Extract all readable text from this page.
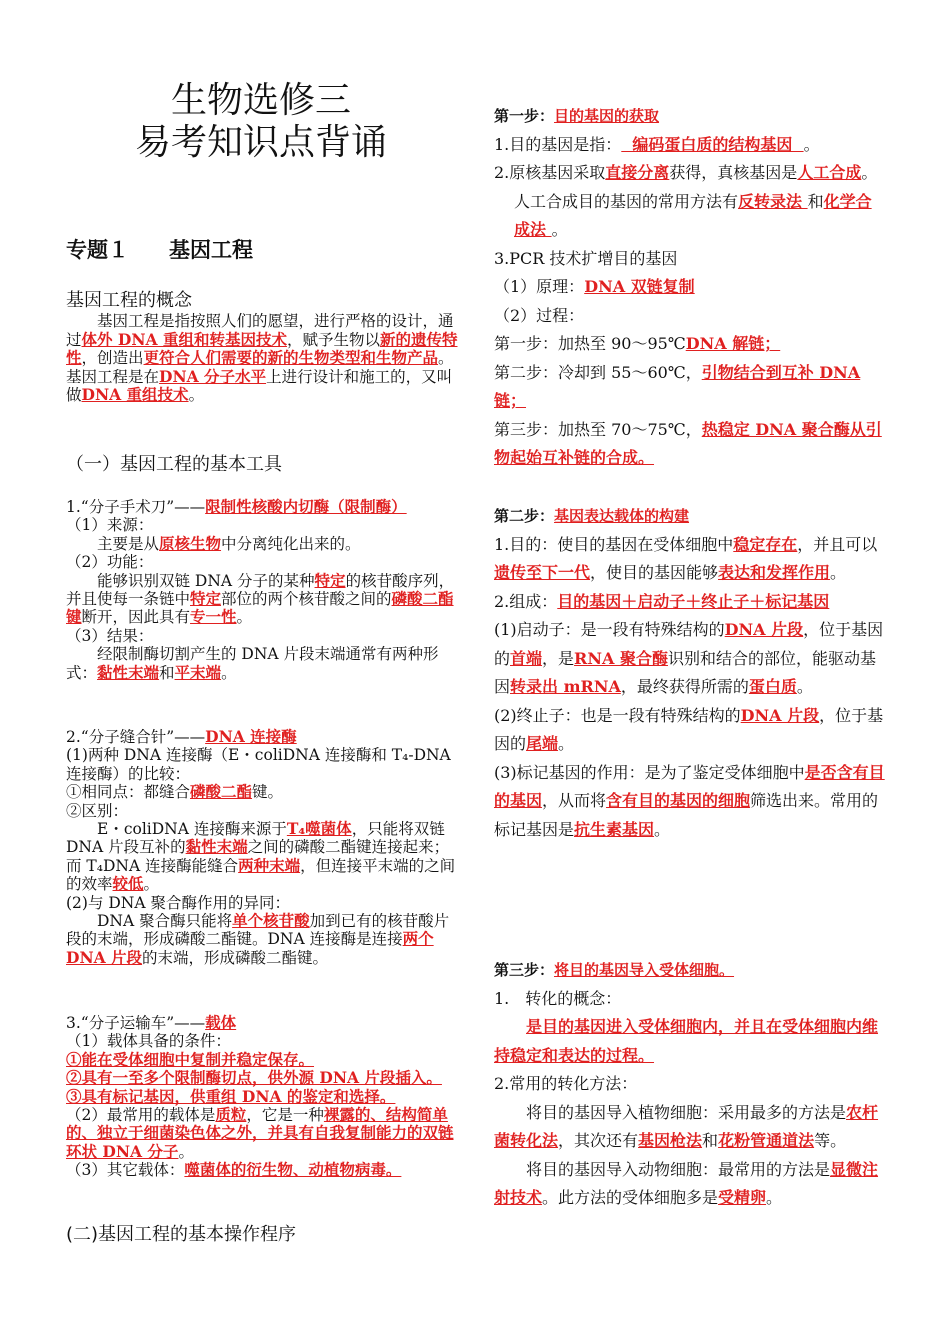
生物选修三
易考知识点背诵
专题１ 基因工程

基因工程的概念

基因工程是指按照人们的愿望，进行严格的设计，通过体外 DNA 重组和转基因技术，赋予生物以新的遗传特性，创造出更符合人们需要的新的生物类型和生物产品。基因工程是在DNA 分子水平上进行设计和施工的，又叫做DNA 重组技术。

（一）基因工程的基本工具

1.“分子手术刀”——限制性核酸内切酶（限制酶）

（1）来源：

主要是从原核生物中分离纯化出来的。

（2）功能：

能够识别双链 DNA 分子的某种特定的核苷酸序列，并且使每一条链中特定部位的两个核苷酸之间的磷酸二酯键断开，因此具有专一性。

（3）结果：

经限制酶切割产生的 DNA 片段末端通常有两种形式：黏性末端和平末端。

2.“分子缝合针”——DNA 连接酶

(1)两种 DNA 连接酶（E・coliDNA 连接酶和 T₄-DNA 连接酶）的比较：

①相同点：都缝合磷酸二酯键。

②区别：

E・coliDNA 连接酶来源于T₄噬菌体，只能将双链 DNA 片段互补的黏性末端之间的磷酸二酯键连接起来；而 T₄DNA 连接酶能缝合两种末端，但连接平末端的之间的效率较低。

(2)与 DNA 聚合酶作用的异同：

DNA 聚合酶只能将单个核苷酸加到已有的核苷酸片段的末端，形成磷酸二酯键。DNA 连接酶是连接两个 DNA 片段的末端，形成磷酸二酯键。

3.“分子运输车”——载体

（1）载体具备的条件：

①能在受体细胞中复制并稳定保存。

②具有一至多个限制酶切点，供外源 DNA 片段插入。

③具有标记基因，供重组 DNA 的鉴定和选择。

（2）最常用的载体是质粒，它是一种裸露的、结构简单的、独立于细菌染色体之外，并具有自我复制能力的双链环状 DNA 分子。

（3）其它载体：噬菌体的衍生物、动植物病毒。

(二)基因工程的基本操作程序

第一步：目的基因的获取

1.目的基因是指：  编码蛋白质的结构基因  。

2.原核基因采取直接分离获得，真核基因是人工合成。人工合成目的基因的常用方法有反转录法 和化学合成法 。

3.PCR 技术扩增目的基因

（1）原理：DNA 双链复制

（2）过程：

第一步：加热至 90～95℃DNA 解链；

第二步：冷却到 55～60℃，引物结合到互补 DNA 链；

第三步：加热至 70～75℃，热稳定 DNA 聚合酶从引物起始互补链的合成。

第二步：基因表达载体的构建

1.目的：使目的基因在受体细胞中稳定存在，并且可以遗传至下一代，使目的基因能够表达和发挥作用。

2.组成：目的基因＋启动子＋终止子＋标记基因

(1)启动子：是一段有特殊结构的DNA 片段，位于基因的首端，是RNA 聚合酶识别和结合的部位，能驱动基因转录出 mRNA，最终获得所需的蛋白质。

(2)终止子：也是一段有特殊结构的DNA 片段，位于基因的尾端。

(3)标记基因的作用：是为了鉴定受体细胞中是否含有目的基因，从而将含有目的基因的细胞筛选出来。常用的标记基因是抗生素基因。

第三步：将目的基因导入受体细胞。

1.　转化的概念：

是目的基因进入受体细胞内，并且在受体细胞内维持稳定和表达的过程。

2.常用的转化方法：

将目的基因导入植物细胞：采用最多的方法是农杆菌转化法，其次还有基因枪法和花粉管通道法等。

将目的基因导入动物细胞：最常用的方法是显微注射技术。此方法的受体细胞多是受精卵。
